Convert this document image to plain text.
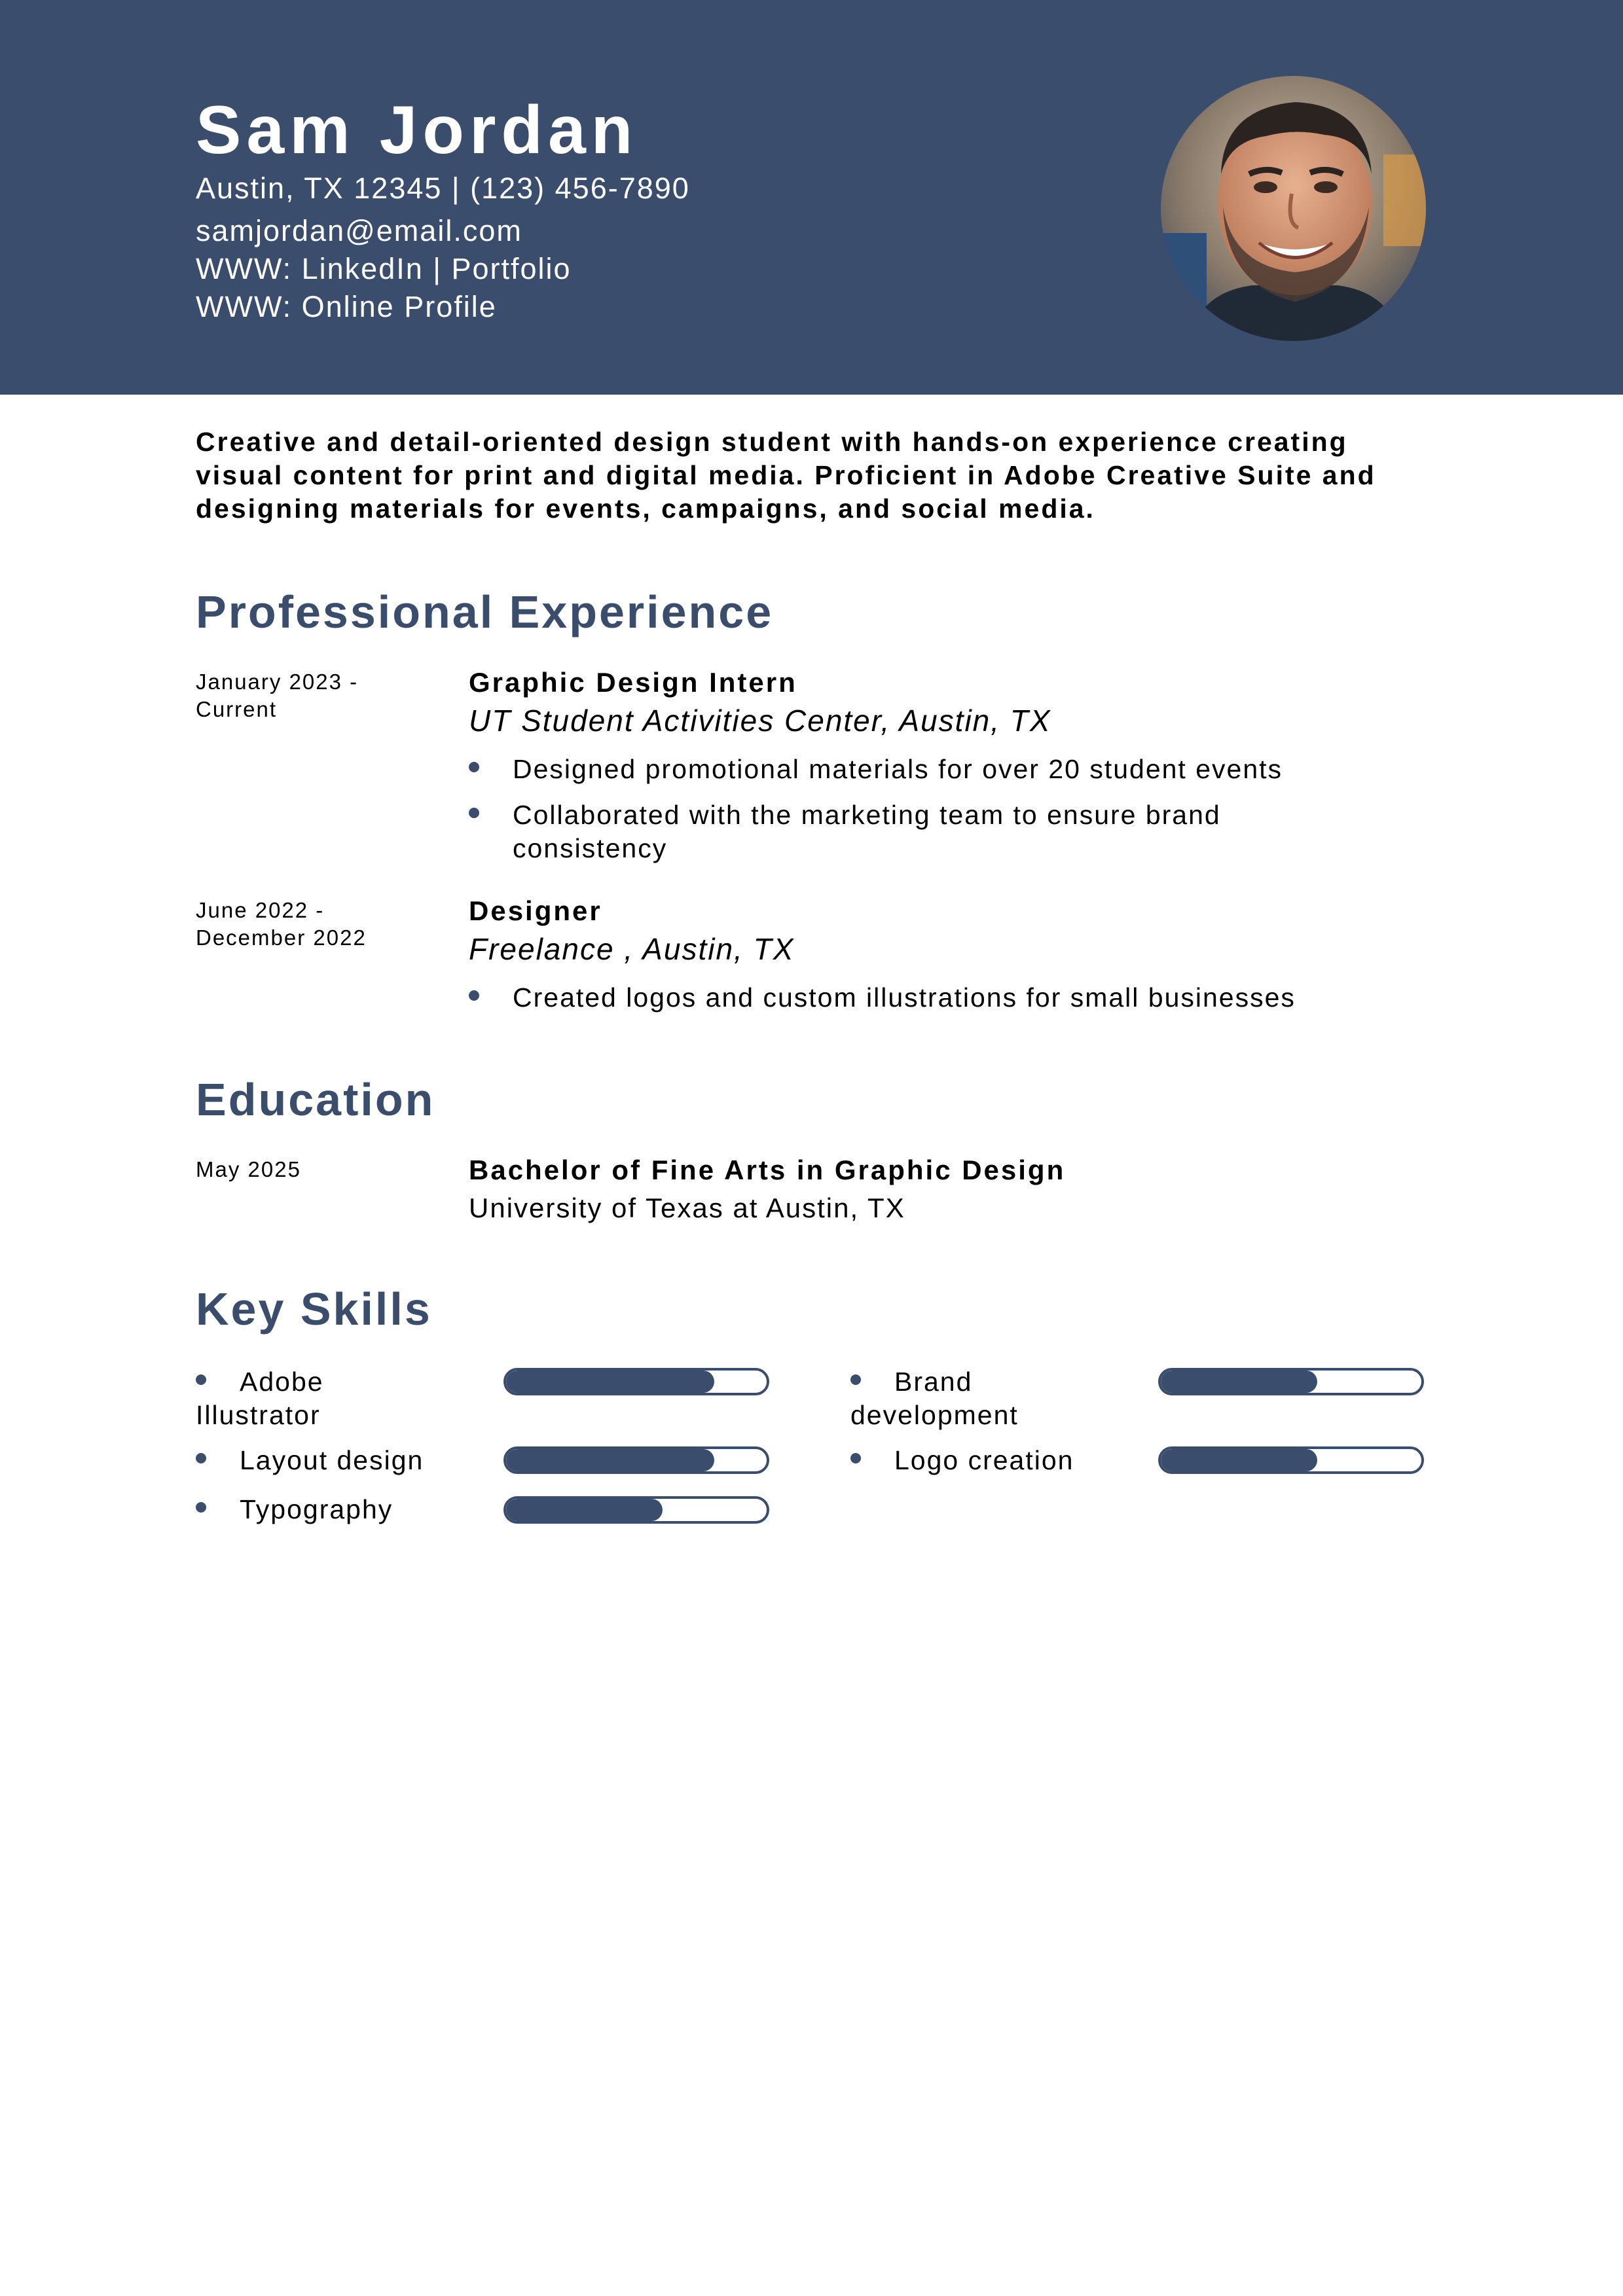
Sam Jordan
Austin, TX 12345 | (123) 456-7890
samjordan@email.com
WWW: LinkedIn | Portfolio
WWW: Online Profile
Creative and detail-oriented design student with hands-on experience creating visual content for print and digital media. Proficient in Adobe Creative Suite and designing materials for events, campaigns, and social media.
Professional Experience
January 2023 - Current
Graphic Design Intern
UT Student Activities Center, Austin, TX
Designed promotional materials for over 20 student events
Collaborated with the marketing team to ensure brand consistency
June 2022 - December 2022
Designer
Freelance , Austin, TX
Created logos and custom illustrations for small businesses
Education
May 2025	Bachelor of Fine Arts in Graphic Design
University of Texas at Austin, TX
Key Skills
Adobe Illustrator
Layout design
Typography
Brand development
Logo creation
